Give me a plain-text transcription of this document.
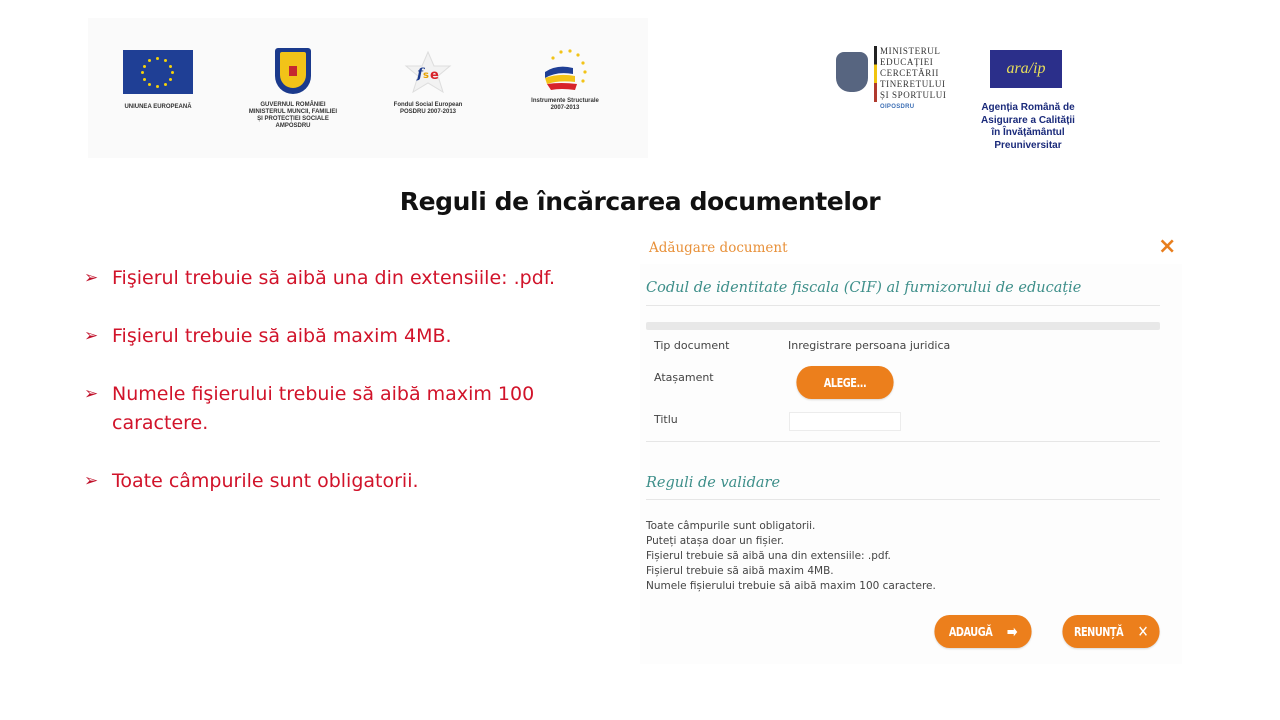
UNIUNEA EUROPEANĂ	GUVERNUL ROMÂNIEI
MINISTERUL MUNCII, FAMILIEI
ȘI PROTECȚIEI SOCIALE
AMPOSDRU
f s e
Fondul Social European
POSDRU 2007-2013
Instrumente Structurale
2007-2013
MINISTERUL
EDUCAȚIEI
CERCETĂRII
TINERETULUI
ȘI SPORTULUI
OIPOSDRU
ara/ip
Agenția Română de
Asigurare a Calității
în Învățământul
Preuniversitar
Reguli de încărcarea documentelor
➢ Fişierul trebuie să aibă una din extensiile: .pdf.
➢ Fişierul trebuie să aibă maxim 4MB.
➢ Numele fişierului trebuie să aibă maxim 100 caractere.
➢ Toate câmpurile sunt obligatorii.
Adăugare document	×
Codul de identitate fiscala (CIF) al furnizorului de educație
Tip document	Inregistrare persoana juridica
Atașament	ALEGE...
Titlu
Reguli de validare
Toate câmpurile sunt obligatorii.
Puteți atașa doar un fișier.
Fișierul trebuie să aibă una din extensiile: .pdf.
Fișierul trebuie să aibă maxim 4MB.
Numele fișierului trebuie să aibă maxim 100 caractere.
ADAUGĂ ➡	RENUNȚĂ ✕
